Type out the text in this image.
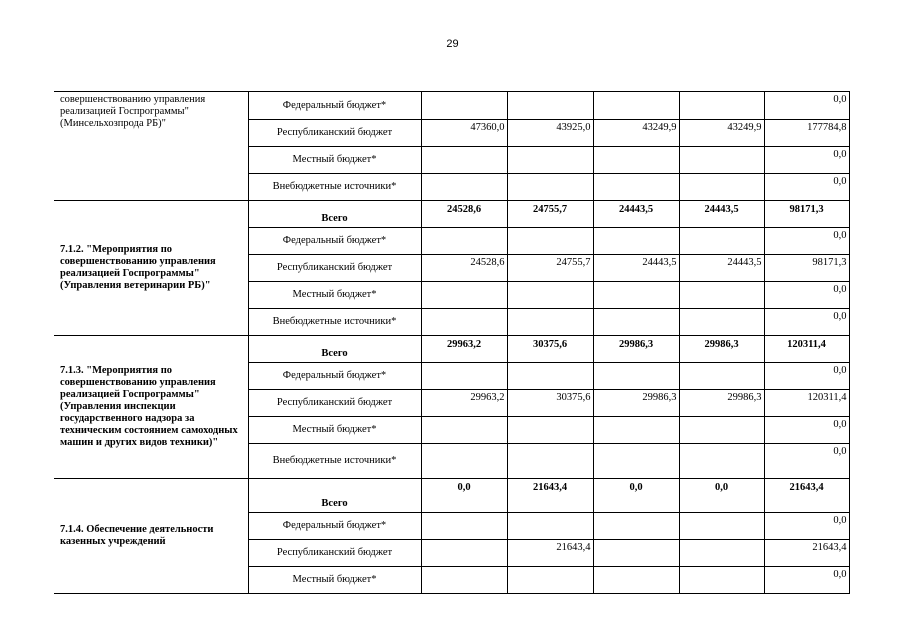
29
совершенствованию управления реализацией Госпрограммы" (Минсельхозпрода РБ)"	Федеральный бюджет*					0,0
	Республиканский бюджет	47360,0	43925,0	43249,9	43249,9	177784,8
	Местный бюджет*					0,0
	Внебюджетные источники*					0,0
7.1.2. "Мероприятия по совершенствованию управления реализацией Госпрограммы" (Управления ветеринарии РБ)"	Всего	24528,6	24755,7	24443,5	24443,5	98171,3
	Федеральный бюджет*					0,0
	Республиканский бюджет	24528,6	24755,7	24443,5	24443,5	98171,3
	Местный бюджет*					0,0
	Внебюджетные источники*					0,0
7.1.3. "Мероприятия по совершенствованию управления реализацией Госпрограммы" (Управления инспекции государственного надзора за техническим состоянием самоходных машин и других видов техники)"	Всего	29963,2	30375,6	29986,3	29986,3	120311,4
	Федеральный бюджет*					0,0
	Республиканский бюджет	29963,2	30375,6	29986,3	29986,3	120311,4
	Местный бюджет*					0,0
	Внебюджетные источники*					0,0
7.1.4. Обеспечение деятельности казенных учреждений	Всего	0,0	21643,4	0,0	0,0	21643,4
	Федеральный бюджет*					0,0
	Республиканский бюджет		21643,4			21643,4
	Местный бюджет*					0,0
